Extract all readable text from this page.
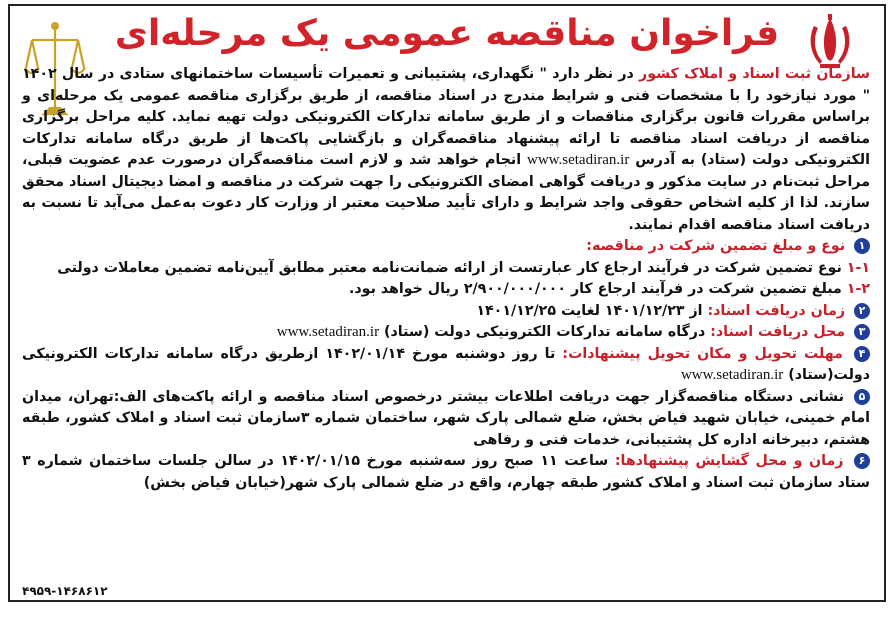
فراخوان مناقصه عمومی یک مرحله‌ای

سازمان ثبت اسناد و املاک کشور در نظر دارد " نگهداری، پشتیبانی و تعمیرات تأسیسات ساختمانهای ستادی در سال ۱۴۰۲ " مورد نیازخود را با مشخصات فنی و شرایط مندرج در اسناد مناقصه، از طریق برگزاری مناقصه عمومی یک مرحله‌ای و براساس مقررات قانون برگزاری مناقصات و از طریق سامانه تدارکات الکترونیکی دولت تهیه نماید. کلیه مراحل برگزاری مناقصه از دریافت اسناد مناقصه تا ارائه پیشنهاد مناقصه‌گران و بازگشایی پاکت‌ها از طریق درگاه سامانه تدارکات الکترونیکی دولت (ستاد) به آدرس www.setadiran.ir انجام خواهد شد و لازم است مناقصه‌گران درصورت عدم عضویت قبلی، مراحل ثبت‌نام در سایت مذکور و دریافت گواهی امضای الکترونیکی را جهت شرکت در مناقصه و امضا دیجیتال اسناد محقق سازند. لذا از کلیه اشخاص حقوقی واجد شرایط و دارای تأیید صلاحیت معتبر از وزارت کار دعوت به‌عمل می‌آید تا نسبت به دریافت اسناد مناقصه اقدام نمایند.

۱ نوع و مبلغ تضمین شرکت در مناقصه:

۱-۱ نوع تضمین شرکت در فرآیند ارجاع کار عبارتست از ارائه ضمانت‌نامه معتبر مطابق آیین‌نامه تضمین معاملات دولتی

۱-۲ مبلغ تضمین شرکت در فرآیند ارجاع کار ۲/۹۰۰/۰۰۰/۰۰۰ ریال خواهد بود.

۲ زمان دریافت اسناد: از ۱۴۰۱/۱۲/۲۳ لغایت ۱۴۰۱/۱۲/۲۵

۳ محل دریافت اسناد: درگاه سامانه تدارکات الکترونیکی دولت (ستاد) www.setadiran.ir

۴ مهلت تحویل و مکان تحویل پیشنهادات: تا روز دوشنبه مورخ ۱۴۰۲/۰۱/۱۴ ازطریق درگاه سامانه تدارکات الکترونیکی دولت(ستاد) www.setadiran.ir

۵ نشانی دستگاه مناقصه‌گزار جهت دریافت اطلاعات بیشتر درخصوص اسناد مناقصه و ارائه پاکت‌های الف:تهران، میدان امام خمینی، خیابان شهید فیاض بخش، ضلع شمالی پارک شهر، ساختمان شماره ۳سازمان ثبت اسناد و املاک کشور، طبقه هشتم، دبیرخانه اداره کل پشتیبانی، خدمات فنی و رفاهی

۶ زمان و محل گشایش پیشنهادها: ساعت ۱۱ صبح روز سه‌شنبه مورخ ۱۴۰۲/۰۱/۱۵ در سالن جلسات ساختمان شماره ۳ ستاد سازمان ثبت اسناد و املاک کشور طبقه چهارم، واقع در ضلع شمالی پارک شهر(خیابان فیاض بخش)

۴۹۵۹-۱۴۶۸۶۱۲
